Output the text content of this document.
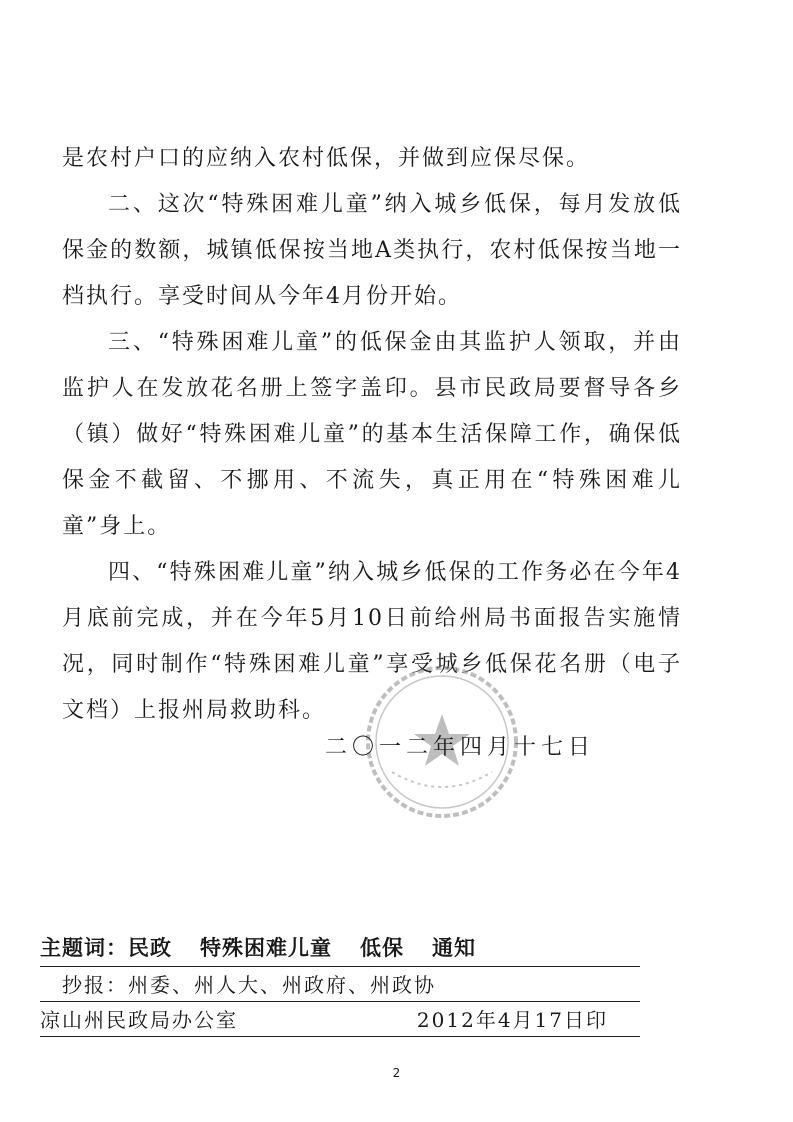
是农村户口的应纳入农村低保，并做到应保尽保。

二、这次“特殊困难儿童”纳入城乡低保，每月发放低保金的数额，城镇低保按当地A类执行，农村低保按当地一档执行。享受时间从今年4月份开始。

三、“特殊困难儿童”的低保金由其监护人领取，并由监护人在发放花名册上签字盖印。县市民政局要督导各乡（镇）做好“特殊困难儿童”的基本生活保障工作，确保低保金不截留、不挪用、不流失，真正用在“特殊困难儿童”身上。

四、“特殊困难儿童”纳入城乡低保的工作务必在今年4月底前完成，并在今年5月10日前给州局书面报告实施情况，同时制作“特殊困难儿童”享受城乡低保花名册（电子文档）上报州局救助科。

二〇一二年四月十七日
主题词：民政 特殊困难儿童 低保 通知
抄报：州委、州人大、州政府、州政协
凉山州民政局办公室	2012年4月17日印
2
